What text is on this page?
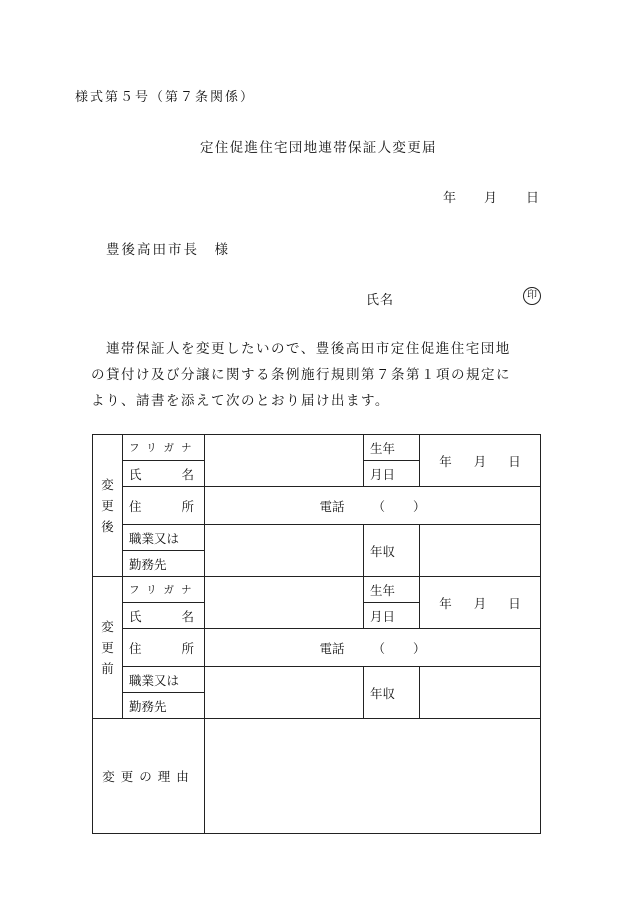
様式第５号（第７条関係）
定住促進住宅団地連帯保証人変更届
年 月 日
豊後高田市長　様
氏名	印

　連帯保証人を変更したいので、豊後高田市定住促進住宅団地

の貸付け及び分譲に関する条例施行規則第７条第１項の規定に

より、請書を添えて次のとおり届け出ます。

変
更
後	フリガナ		生年	年 月 日

	氏 名		月日	

	住 所	電話 （ ）		

	職業又は		年収	
	勤務先			

変
更
前	フリガナ		生年	年 月 日

	氏 名		月日	

	住 所	電話 （ ）		

	職業又は		年収	
	勤務先			
変更の理由				
